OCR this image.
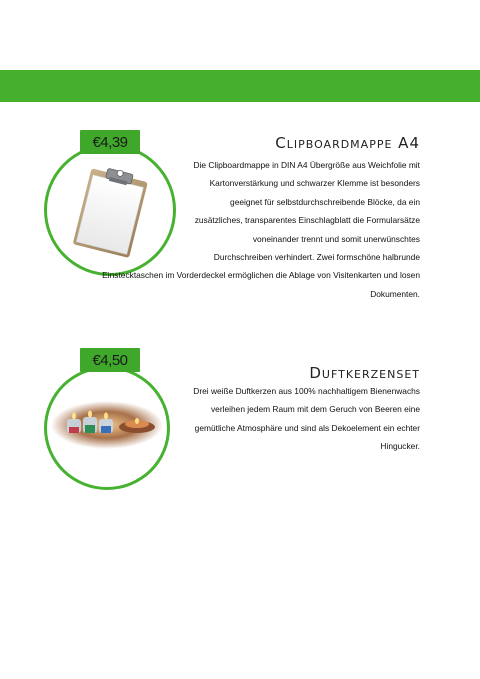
€4,39	Clipboardmappe A4
Die Clipboardmappe in DIN A4 Übergröße aus Weichfolie mit
Kartonverstärkung und schwarzer Klemme ist besonders
geeignet für selbstdurchschreibende Blöcke, da ein
zusätzliches, transparentes Einschlagblatt die Formularsätze
voneinander trennt und somit unerwünschtes
Durchschreiben verhindert. Zwei formschöne halbrunde
Einstecktaschen im Vorderdeckel ermöglichen die Ablage von Visitenkarten und losen
Dokumenten.
€4,50
Duftkerzenset
Drei weiße Duftkerzen aus 100% nachhaltigem Bienenwachs
verleihen jedem Raum mit dem Geruch von Beeren eine
gemütliche Atmosphäre und sind als Dekoelement ein echter
Hingucker.
